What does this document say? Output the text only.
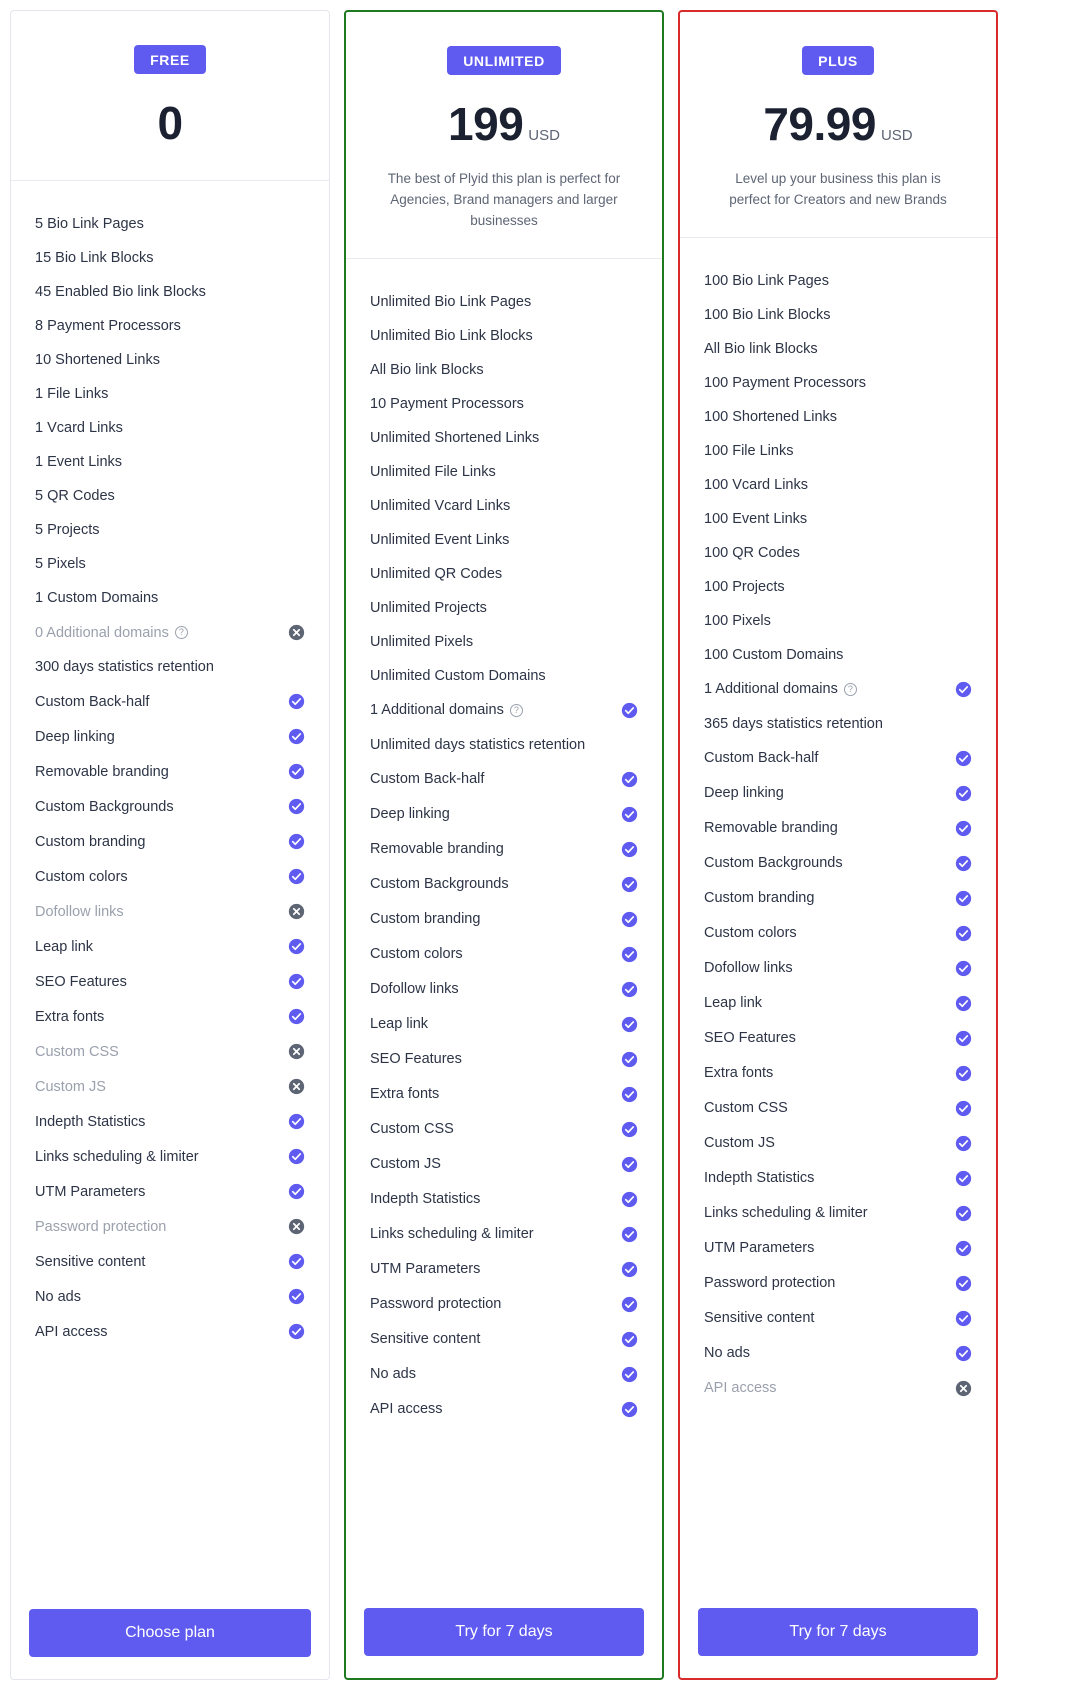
FREE
0
5 Bio Link Pages
15 Bio Link Blocks
45 Enabled Bio link Blocks
8 Payment Processors
10 Shortened Links
1 File Links
1 Vcard Links
1 Event Links
5 QR Codes
5 Projects
5 Pixels
1 Custom Domains
0 Additional domains	?
300 days statistics retention
Custom Back-half
Deep linking
Removable branding
Custom Backgrounds
Custom branding
Custom colors
Dofollow links
Leap link
SEO Features
Extra fonts
Custom CSS
Custom JS
Indepth Statistics
Links scheduling & limiter
UTM Parameters
Password protection
Sensitive content
No ads
API access
Choose plan
UNLIMITED
199 USD
The best of Plyid this plan is perfect for Agencies, Brand managers and larger businesses
Unlimited Bio Link Pages
Unlimited Bio Link Blocks
All Bio link Blocks
10 Payment Processors
Unlimited Shortened Links
Unlimited File Links
Unlimited Vcard Links
Unlimited Event Links
Unlimited QR Codes
Unlimited Projects
Unlimited Pixels
Unlimited Custom Domains
1 Additional domains	?
Unlimited days statistics retention
Custom Back-half
Deep linking
Removable branding
Custom Backgrounds
Custom branding
Custom colors
Dofollow links
Leap link
SEO Features
Extra fonts
Custom CSS
Custom JS
Indepth Statistics
Links scheduling & limiter
UTM Parameters
Password protection
Sensitive content
No ads
API access
Try for 7 days
PLUS
79.99 USD
Level up your business this plan is perfect for Creators and new Brands
100 Bio Link Pages
100 Bio Link Blocks
All Bio link Blocks
100 Payment Processors
100 Shortened Links
100 File Links
100 Vcard Links
100 Event Links
100 QR Codes
100 Projects
100 Pixels
100 Custom Domains
1 Additional domains	?
365 days statistics retention
Custom Back-half
Deep linking
Removable branding
Custom Backgrounds
Custom branding
Custom colors
Dofollow links
Leap link
SEO Features
Extra fonts
Custom CSS
Custom JS
Indepth Statistics
Links scheduling & limiter
UTM Parameters
Password protection
Sensitive content
No ads
API access
Try for 7 days
